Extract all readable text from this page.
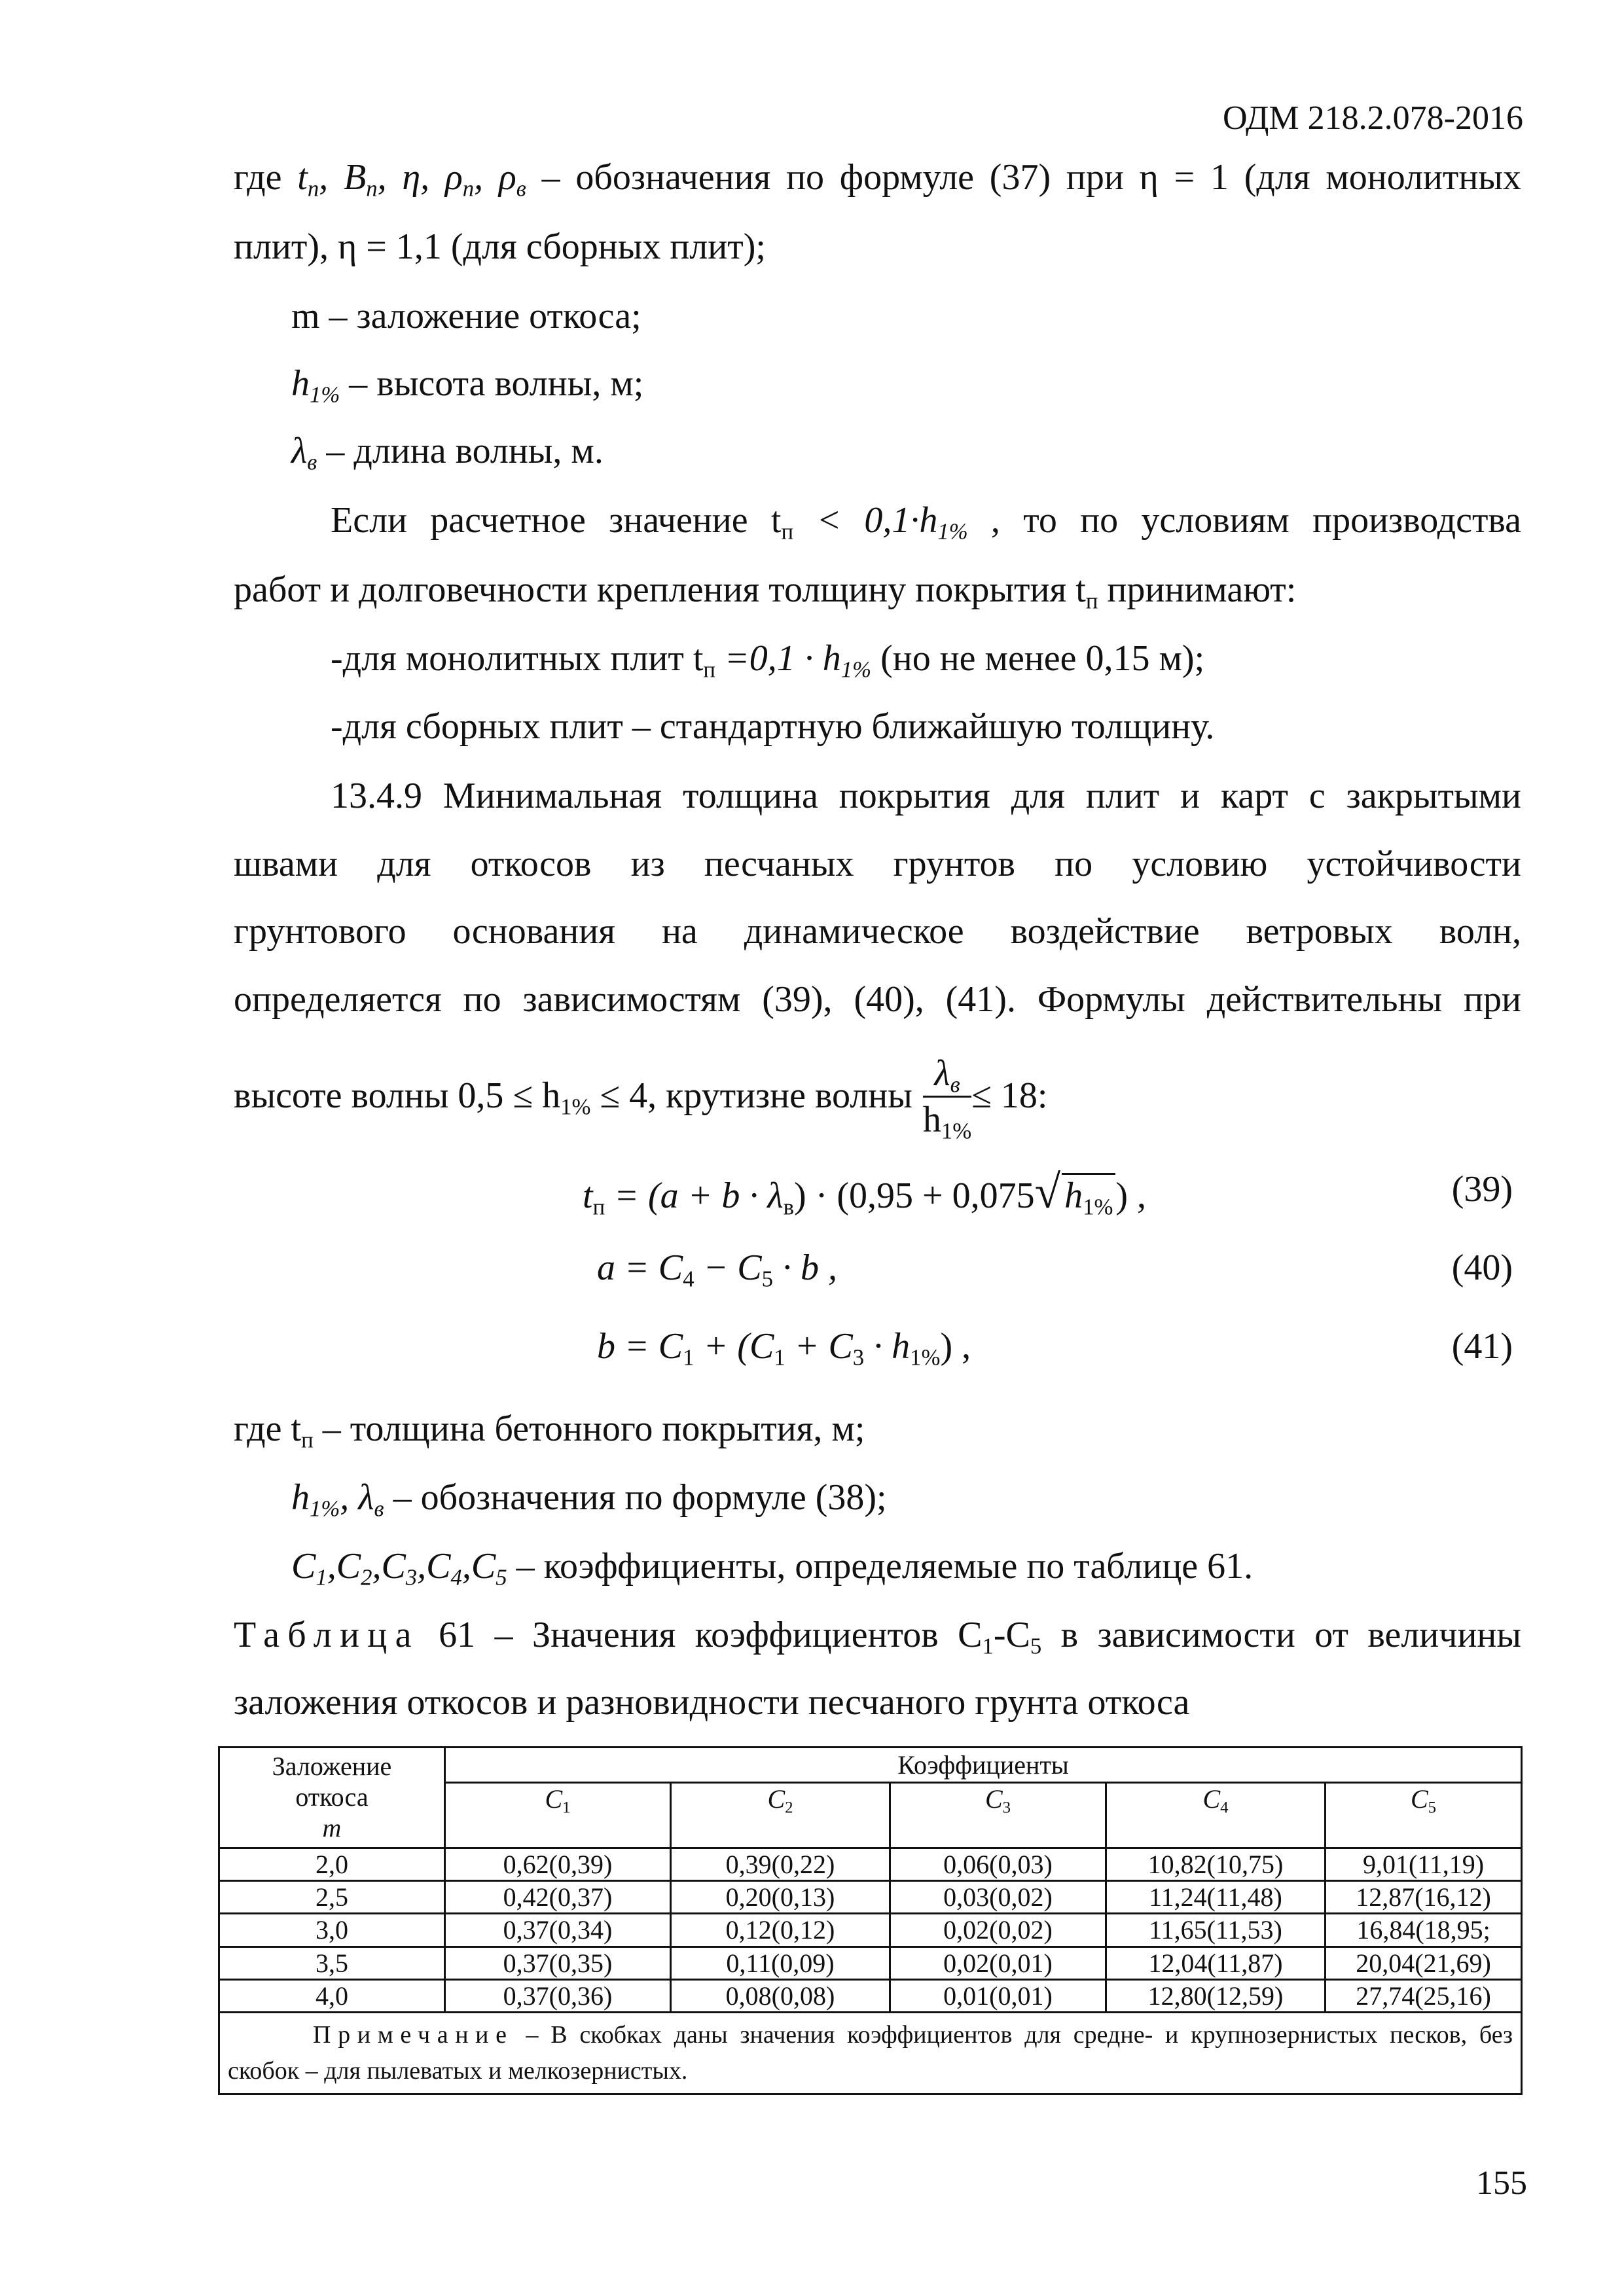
ОДМ 218.2.078-2016
где $t_п$, $B_п$, η, $\rho_п$, $\rho_в$ – обозначения по формуле (37) при η = 1 (для монолитных
плит), η = 1,1 (для сборных плит);
m – заложение откоса;
$h_{1\%}$ – высота волны, м;
$\lambda_в$ – длина волны, м.
Если расчетное значение $t_п < 0,1\cdot h_{1\%}$ , то по условиям производства
работ и долговечности крепления толщину покрытия $t_п$ принимают:
-для монолитных плит $t_п =0,1 \cdot h_{1\%}$ (но не менее 0,15 м);
-для сборных плит – стандартную ближайшую толщину.
13.4.9 Минимальная толщина покрытия для плит и карт с закрытыми
швами для откосов из песчаных грунтов по условию устойчивости
грунтового основания на динамическое воздействие ветровых волн,
определяется по зависимостям (39), (40), (41). Формулы действительны при
высоте волны $0,5 \le h_{1\%} \le 4$ , крутизне волны $\frac{\lambda_в}{h_{1\%}} \le 18$ :
$t_п = (a + b \cdot \lambda_в) \cdot (0,95 + 0,075√$ $h_{1\%}$) ,	(39)
$a = C_4 - C_5 \cdot b$ ,	(40)
$b = C_1 + (C_1 + C_3 \cdot h_{1\%})$ ,	(41)
где $t_п$ – толщина бетонного покрытия, м;
$h_{1\%}$, $\lambda_в$ – обозначения по формуле (38);
$C_1,C_2,C_3,C_4,C_5$ – коэффициенты, определяемые по таблице 61.
Таблица 61 – Значения коэффициентов $C_1-C_5$ в зависимости от величины
заложения откосов и разновидности песчаного грунта откоса
Заложение
откоса
m	Коэффициенты				
	$C_1$	$C_2$	$C_3$	$C_4$	$C_5$
2,0	0,62(0,39)	0,39(0,22)	0,06(0,03)	10,82(10,75)	9,01(11,19)
2,5	0,42(0,37)	0,20(0,13)	0,03(0,02)	11,24(11,48)	12,87(16,12)
3,0	0,37(0,34)	0,12(0,12)	0,02(0,02)	11,65(11,53)	16,84(18,95;
3,5	0,37(0,35)	0,11(0,09)	0,02(0,01)	12,04(11,87)	20,04(21,69)
4,0	0,37(0,36)	0,08(0,08)	0,01(0,01)	12,80(12,59)	27,74(25,16)
Примечание – В скобках даны значения коэффициентов для средне- и крупнозернистых песков, без скобок – для пылеватых и мелкозернистых.					
155
